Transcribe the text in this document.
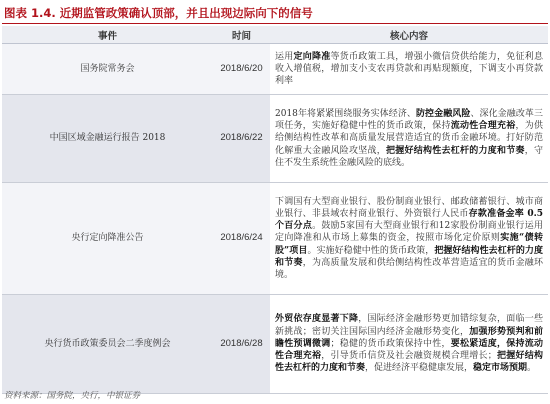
图表 1.4. 近期监管政策确认顶部，并且出现边际向下的信号
事件	时间	核心内容
国务院常务会	2018/6/20	运用定向降准等货币政策工具，增强小微信贷供给能力，免征利息收入增值税，增加支小支农再贷款和再贴现额度，下调支小再贷款利率
中国区域金融运行报告 2018	2018/6/22	2018年将紧紧围绕服务实体经济、防控金融风险、深化金融改革三项任务，实施好稳健中性的货币政策，保持流动性合理充裕，为供给侧结构性改革和高质量发展营造适宜的货币金融环境。打好防范化解重大金融风险攻坚战，把握好结构性去杠杆的力度和节奏，守住不发生系统性金融风险的底线。
央行定向降准公告	2018/6/24	下调国有大型商业银行、股份制商业银行、邮政储蓄银行、城市商业银行、非县域农村商业银行、外资银行人民币存款准备金率 0.5 个百分点。鼓励5家国有大型商业银行和12家股份制商业银行运用定向降准和从市场上募集的资金，按照市场化定价原则实施“债转股”项目。实施好稳健中性的货币政策，把握好结构性去杠杆的力度和节奏，为高质量发展和供给侧结构性改革营造适宜的货币金融环境。
央行货币政策委员会二季度例会	2018/6/28	外贸依存度显著下降，国际经济金融形势更加错综复杂，面临一些新挑战；密切关注国际国内经济金融形势变化，加强形势预判和前瞻性预调微调；稳健的货币政策保持中性，要松紧适度，保持流动性合理充裕，引导货币信贷及社会融资规模合理增长；把握好结构性去杠杆的力度和节奏，促进经济平稳健康发展，稳定市场预期。
资料来源：国务院，央行，中银证券
